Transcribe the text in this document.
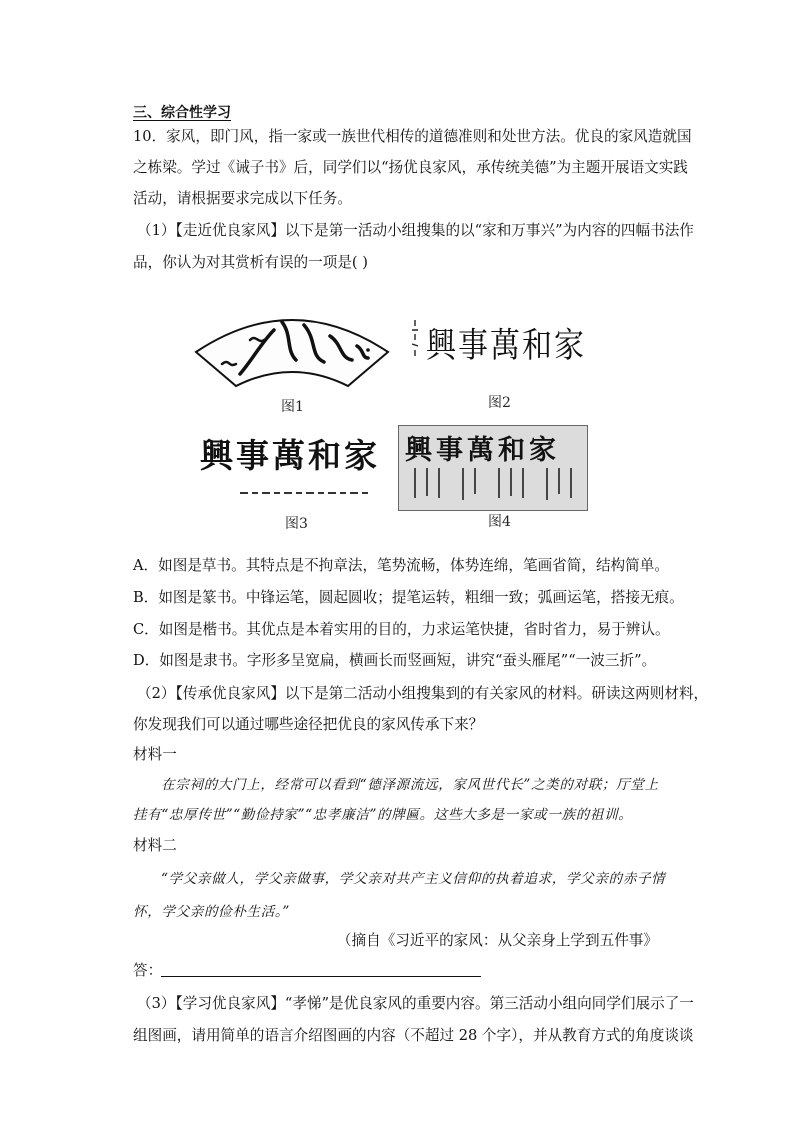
三、综合性学习
10．家风，即门风，指一家或一族世代相传的道德准则和处世方法。优良的家风造就国
之栋梁。学过《诫子书》后，同学们以“扬优良家风，承传统美德”为主题开展语文实践
活动，请根据要求完成以下任务。
（1）【走近优良家风】以下是第一活动小组搜集的以“家和万事兴”为内容的四幅书法作
品，你认为对其赏析有误的一项是( )
图1
興事萬和家
图2
興事萬和家
图3
興事萬和家
图4
A．如图是草书。其特点是不拘章法，笔势流畅，体势连绵，笔画省简，结构简单。
B．如图是篆书。中锋运笔，圆起圆收；提笔运转，粗细一致；弧画运笔，搭接无痕。
C．如图是楷书。其优点是本着实用的目的，力求运笔快捷，省时省力，易于辨认。
D．如图是隶书。字形多呈宽扁，横画长而竖画短，讲究“蚕头雁尾”“一波三折”。
（2）【传承优良家风】以下是第二活动小组搜集到的有关家风的材料。研读这两则材料，
你发现我们可以通过哪些途径把优良的家风传承下来？
材料一
在宗祠的大门上，经常可以看到“德泽源流远，家风世代长”之类的对联；厅堂上
挂有“忠厚传世”“勤俭持家”“忠孝廉洁”的牌匾。这些大多是一家或一族的祖训。
材料二
“学父亲做人，学父亲做事，学父亲对共产主义信仰的执着追求，学父亲的赤子情
怀，学父亲的俭朴生活。”
（摘自《习近平的家风：从父亲身上学到五件事》
答：
（3）【学习优良家风】“孝悌”是优良家风的重要内容。第三活动小组向同学们展示了一
组图画，请用简单的语言介绍图画的内容（不超过 28 个字），并从教育方式的角度谈谈
